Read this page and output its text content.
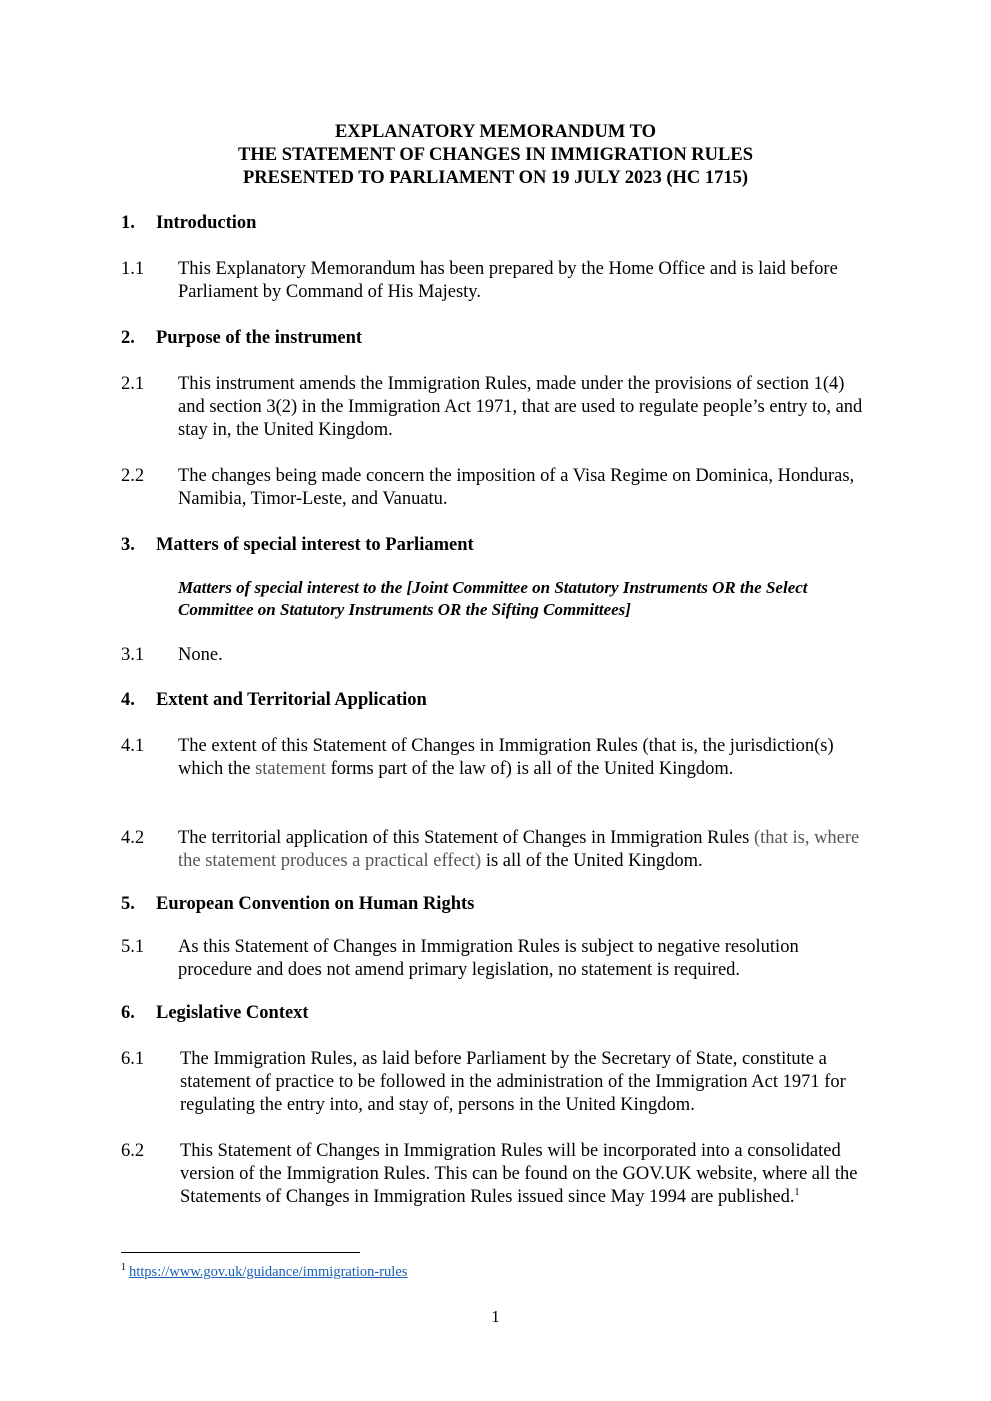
EXPLANATORY MEMORANDUM TO
THE STATEMENT OF CHANGES IN IMMIGRATION RULES
PRESENTED TO PARLIAMENT ON 19 JULY 2023 (HC 1715)
1. Introduction
1.1 This Explanatory Memorandum has been prepared by the Home Office and is laid before Parliament by Command of His Majesty.
2. Purpose of the instrument
2.1 This instrument amends the Immigration Rules, made under the provisions of section 1(4) and section 3(2) in the Immigration Act 1971, that are used to regulate people’s entry to, and stay in, the United Kingdom.
2.2 The changes being made concern the imposition of a Visa Regime on Dominica, Honduras, Namibia, Timor-Leste, and Vanuatu.
3. Matters of special interest to Parliament
Matters of special interest to the [Joint Committee on Statutory Instruments OR the Select Committee on Statutory Instruments OR the Sifting Committees]
3.1 None.
4. Extent and Territorial Application
4.1 The extent of this Statement of Changes in Immigration Rules (that is, the jurisdiction(s) which the statement forms part of the law of) is all of the United Kingdom.
4.2 The territorial application of this Statement of Changes in Immigration Rules (that is, where the statement produces a practical effect) is all of the United Kingdom.
5. European Convention on Human Rights
5.1 As this Statement of Changes in Immigration Rules is subject to negative resolution procedure and does not amend primary legislation, no statement is required.
6. Legislative Context
6.1 The Immigration Rules, as laid before Parliament by the Secretary of State, constitute a statement of practice to be followed in the administration of the Immigration Act 1971 for regulating the entry into, and stay of, persons in the United Kingdom.
6.2 This Statement of Changes in Immigration Rules will be incorporated into a consolidated version of the Immigration Rules. This can be found on the GOV.UK website, where all the Statements of Changes in Immigration Rules issued since May 1994 are published.$^1$
$^1$ https://www.gov.uk/guidance/immigration-rules
1
